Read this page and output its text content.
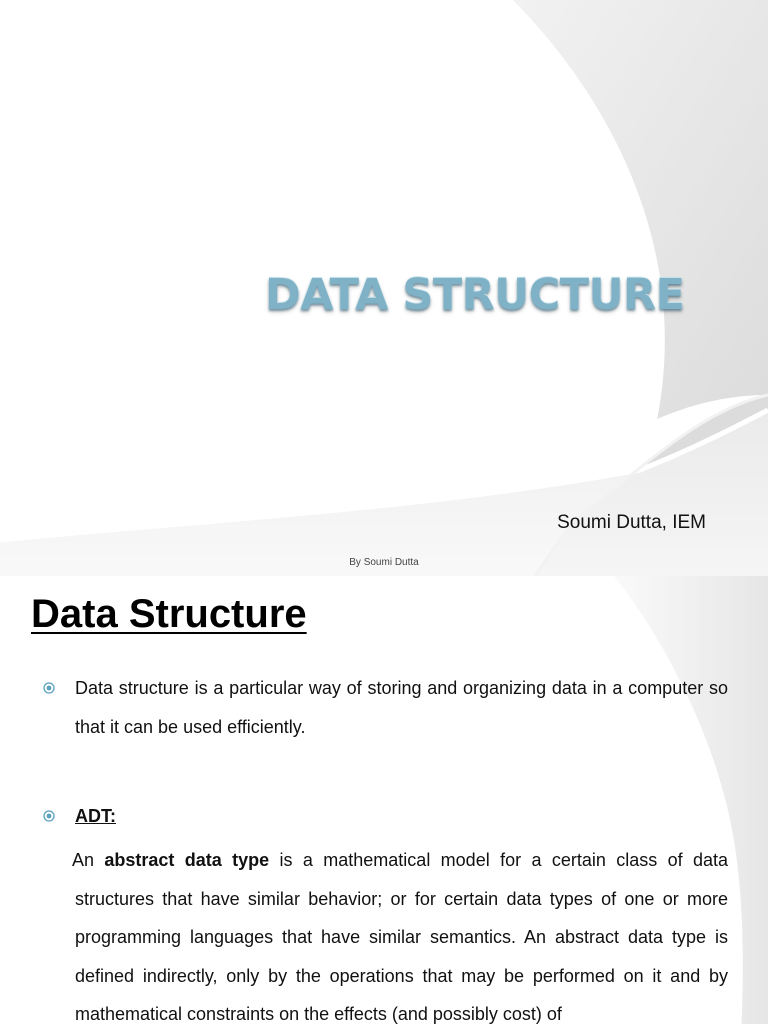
DATA STRUCTURE
Soumi Dutta, IEM
By Soumi Dutta
Data Structure
Data structure is a particular way of storing and organizing data in a computer so that it can be used efficiently.
ADT:
An abstract data type is a mathematical model for a certain class of data structures that have similar behavior; or for certain data types of one or more programming languages that have similar semantics. An abstract data type is defined indirectly, only by the operations that may be performed on it and by mathematical constraints on the effects (and possibly cost) of
